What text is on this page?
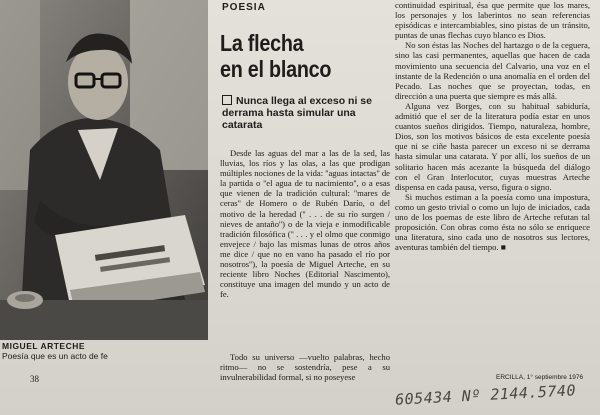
MIGUEL ARTECHE
Poesía que es un acto de fe
POESIA
La flecha
en el blanco
Nunca llega al exceso ni se derrama hasta simular una catarata

Desde las aguas del mar a las de la sed, las lluvias, los ríos y las olas, a las que prodigan múltiples nociones de la vida: ''aguas intactas'' de la partida o ''el agua de tu nacimiento'', o a esas que vienen de la tradición cultural: ''mares de ceras'' de Homero o de Rubén Darío, o del motivo de la heredad ('' . . . de su río surgen / nieves de antaño'') o de la vieja e inmodificable tradición filosófica ('' . . . y el olmo que conmigo envejece / bajo las mismas lunas de otros años me dice / que no en vano ha pasado el río por nosotros''), la poesía de Miguel Arteche, en su reciente libro Noches (Editorial Nascimento), constituye una imagen del mundo y un acto de fe.

Todo su universo —vuelto palabras, hecho ritmo— no se sostendría, pese a su invulnerabilidad formal, si no poseyese

continuidad espiritual, ésa que permite que los mares, los personajes y los laberintos no sean referencias episódicas e intercambiables, sino pistas de un tránsito, puntas de unas flechas cuyo blanco es Dios.

No son éstas las Noches del hartazgo o de la ceguera, sino las casi permanentes, aquellas que hacen de cada movimiento una secuencia del Calvario, una voz en el instante de la Redención o una anomalía en el orden del Pecado. Las noches que se proyectan, todas, en dirección a una puerta que siempre es más allá.

Alguna vez Borges, con su habitual sabiduría, admitió que el ser de la literatura podía estar en unos cuantos sueños dirigidos. Tiempo, naturaleza, hombre, Dios, son los motivos básicos de esta excelente poesía que ni se ciñe hasta parecer un exceso ni se derrama hasta simular una catarata. Y por allí, los sueños de un solitario hacen más acezante la búsqueda del diálogo con el Gran Interlocutor, cuyas muestras Arteche dispensa en cada pausa, verso, figura o signo.

Si muchos estiman a la poesía como una impostura, como un gesto trivial o como un lujo de iniciados, cada uno de los poemas de este libro de Arteche refutan tal proposición. Con obras como ésta no sólo se enriquece una literatura, sino cada uno de nosotros sus lectores, aventuras también del tiempo. ■

38	ERCILLA, 1° septiembre 1976
605434 Nº 2144.5740
